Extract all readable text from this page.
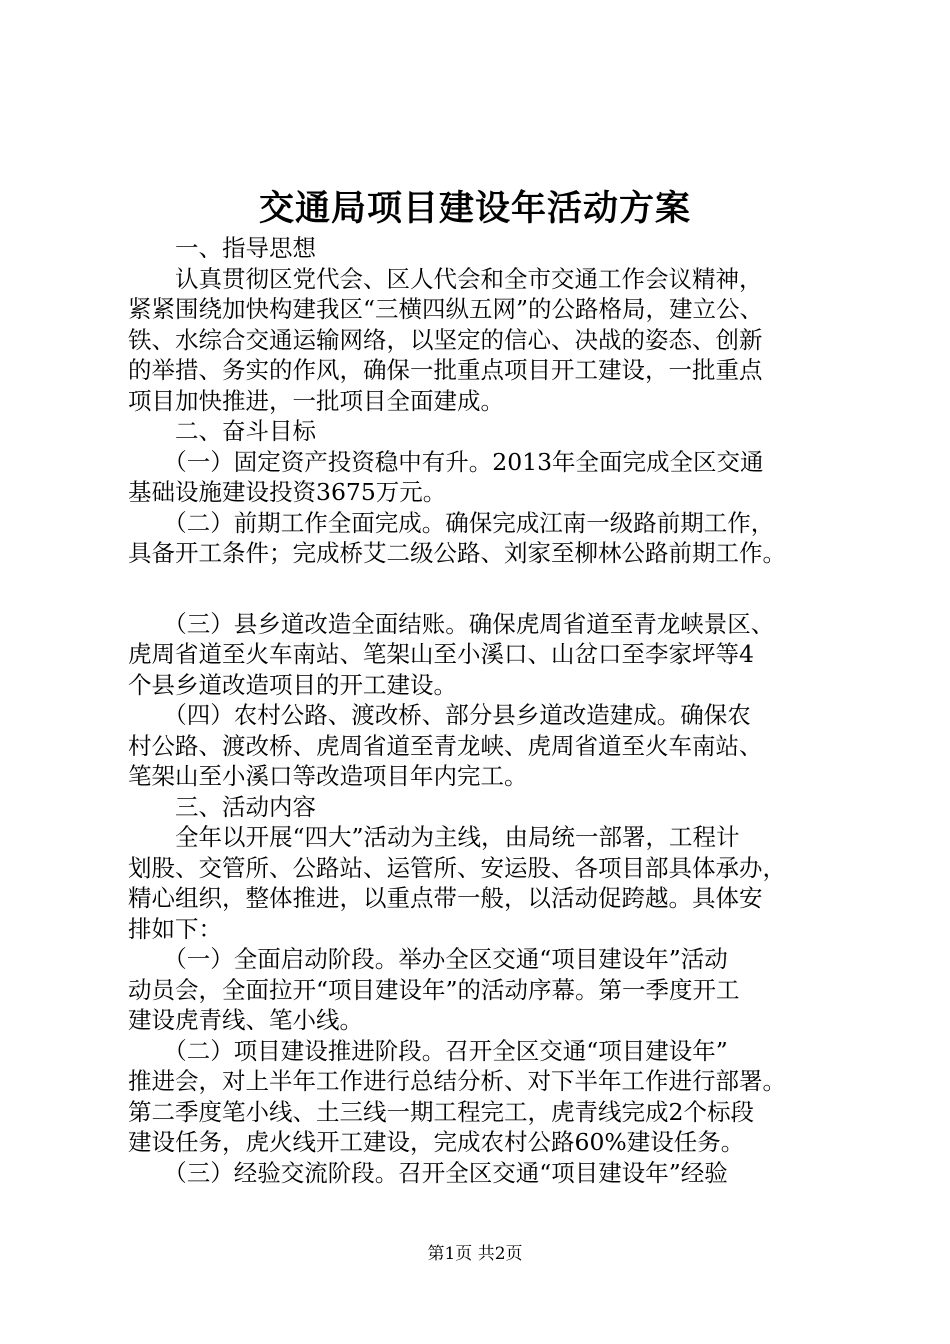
交通局项目建设年活动方案
　　一、指导思想
　　认真贯彻区党代会、区人代会和全市交通工作会议精神，
紧紧围绕加快构建我区“三横四纵五网”的公路格局，建立公、
铁、水综合交通运输网络，以坚定的信心、决战的姿态、创新
的举措、务实的作风，确保一批重点项目开工建设，一批重点
项目加快推进，一批项目全面建成。
　　二、奋斗目标
　　（一）固定资产投资稳中有升。2013年全面完成全区交通
基础设施建设投资3675万元。
　　（二）前期工作全面完成。确保完成江南一级路前期工作，
具备开工条件；完成桥艾二级公路、刘家至柳林公路前期工作。
　　（三）县乡道改造全面结账。确保虎周省道至青龙峡景区、
虎周省道至火车南站、笔架山至小溪口、山岔口至李家坪等4
个县乡道改造项目的开工建设。
　　（四）农村公路、渡改桥、部分县乡道改造建成。确保农
村公路、渡改桥、虎周省道至青龙峡、虎周省道至火车南站、
笔架山至小溪口等改造项目年内完工。
　　三、活动内容
　　全年以开展“四大”活动为主线，由局统一部署，工程计
划股、交管所、公路站、运管所、安运股、各项目部具体承办，
精心组织，整体推进，以重点带一般，以活动促跨越。具体安
排如下：
　　（一）全面启动阶段。举办全区交通“项目建设年”活动
动员会，全面拉开“项目建设年”的活动序幕。第一季度开工
建设虎青线、笔小线。
　　（二）项目建设推进阶段。召开全区交通“项目建设年”
推进会，对上半年工作进行总结分析、对下半年工作进行部署。
第二季度笔小线、土三线一期工程完工，虎青线完成2个标段
建设任务，虎火线开工建设，完成农村公路60%建设任务。
　　（三）经验交流阶段。召开全区交通“项目建设年”经验
第1页 共2页
